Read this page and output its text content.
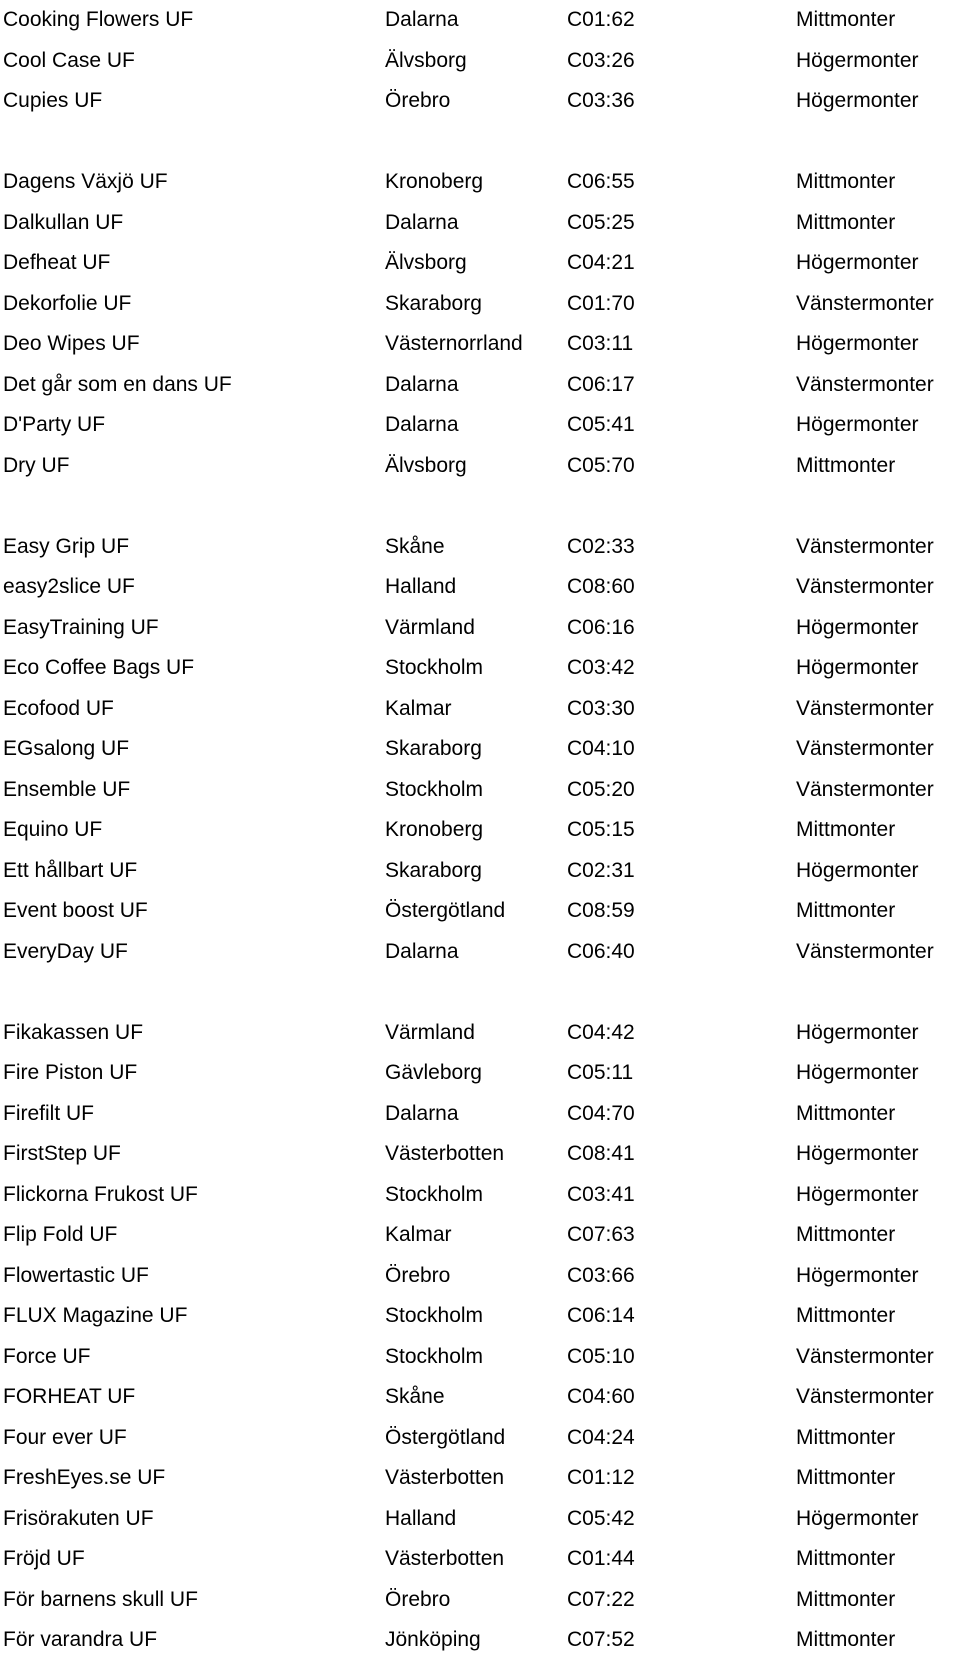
Cooking Flowers UF	Dalarna	C01:62	Mittmonter
Cool Case UF	Älvsborg	C03:26	Högermonter
Cupies UF	Örebro	C03:36	Högermonter
Dagens Växjö UF	Kronoberg	C06:55	Mittmonter
Dalkullan UF	Dalarna	C05:25	Mittmonter
Defheat UF	Älvsborg	C04:21	Högermonter
Dekorfolie UF	Skaraborg	C01:70	Vänstermonter
Deo Wipes UF	Västernorrland C03:11	Högermonter
Det går som en dans UF	Dalarna	C06:17	Vänstermonter
D'Party UF	Dalarna	C05:41	Högermonter
Dry UF	Älvsborg	C05:70	Mittmonter
Easy Grip UF	Skåne	C02:33	Vänstermonter
easy2slice UF	Halland	C08:60	Vänstermonter
EasyTraining UF	Värmland	C06:16	Högermonter
Eco Coffee Bags UF	Stockholm	C03:42	Högermonter
Ecofood UF	Kalmar	C03:30	Vänstermonter
EGsalong UF	Skaraborg	C04:10	Vänstermonter
Ensemble UF	Stockholm	C05:20	Vänstermonter
Equino UF	Kronoberg	C05:15	Mittmonter
Ett hållbart UF	Skaraborg	C02:31	Högermonter
Event boost UF	Östergötland	C08:59	Mittmonter
EveryDay UF	Dalarna	C06:40	Vänstermonter
Fikakassen UF	Värmland	C04:42	Högermonter
Fire Piston UF	Gävleborg	C05:11	Högermonter
Firefilt UF	Dalarna	C04:70	Mittmonter
FirstStep UF	Västerbotten	C08:41	Högermonter
Flickorna Frukost UF	Stockholm	C03:41	Högermonter
Flip Fold UF	Kalmar	C07:63	Mittmonter
Flowertastic UF	Örebro	C03:66	Högermonter
FLUX Magazine UF	Stockholm	C06:14	Mittmonter
Force UF	Stockholm	C05:10	Vänstermonter
FORHEAT UF	Skåne	C04:60	Vänstermonter
Four ever UF	Östergötland	C04:24	Mittmonter
FreshEyes.se UF	Västerbotten	C01:12	Mittmonter
Frisörakuten UF	Halland	C05:42	Högermonter
Fröjd UF	Västerbotten	C01:44	Mittmonter
För barnens skull UF	Örebro	C07:22	Mittmonter
För varandra UF	Jönköping	C07:52	Mittmonter
